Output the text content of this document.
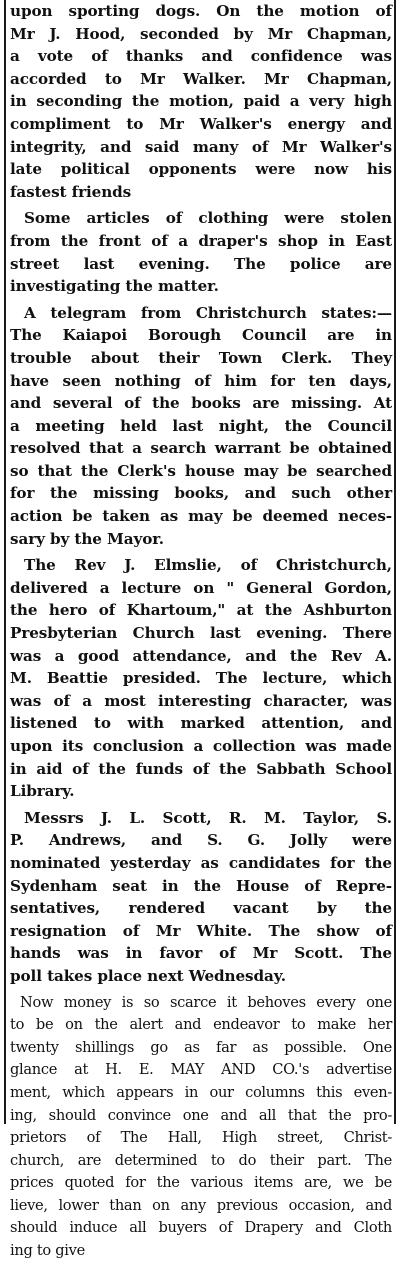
upon sporting dogs. On the motion of
Mr J. Hood, seconded by Mr Chapman,
a vote of thanks and confidence was
accorded to Mr Walker. Mr Chapman,
in seconding the motion, paid a very high
compliment to Mr Walker's energy and
integrity, and said many of Mr Walker's
late political opponents were now his
fastest friends
Some articles of clothing were stolen
from the front of a draper's shop in East
street last evening. The police are
investigating the matter.
A telegram from Christchurch states:—
The Kaiapoi Borough Council are in
trouble about their Town Clerk. They
have seen nothing of him for ten days,
and several of the books are missing. At
a meeting held last night, the Council
resolved that a search warrant be obtained
so that the Clerk's house may be searched
for the missing books, and such other
action be taken as may be deemed neces-
sary by the Mayor.
The Rev J. Elmslie, of Christchurch,
delivered a lecture on " General Gordon,
the hero of Khartoum," at the Ashburton
Presbyterian Church last evening. There
was a good attendance, and the Rev A.
M. Beattie presided. The lecture, which
was of a most interesting character, was
listened to with marked attention, and
upon its conclusion a collection was made
in aid of the funds of the Sabbath School
Library.
Messrs J. L. Scott, R. M. Taylor, S.
P. Andrews, and S. G. Jolly were
nominated yesterday as candidates for the
Sydenham seat in the House of Repre-
sentatives, rendered vacant by the
resignation of Mr White. The show of
hands was in favor of Mr Scott. The
poll takes place next Wednesday.
Now money is so scarce it behoves every one
to be on the alert and endeavor to make her
twenty shillings go as far as possible. One
glance at H. E. MAY AND CO.'s advertise
ment, which appears in our columns this even-
ing, should convince one and all that the pro-
prietors of The Hall, High street, Christ-
church, are determined to do their part. The
prices quoted for the various items are, we be
lieve, lower than on any previous occasion, and
should induce all buyers of Drapery and Cloth
ing to give
